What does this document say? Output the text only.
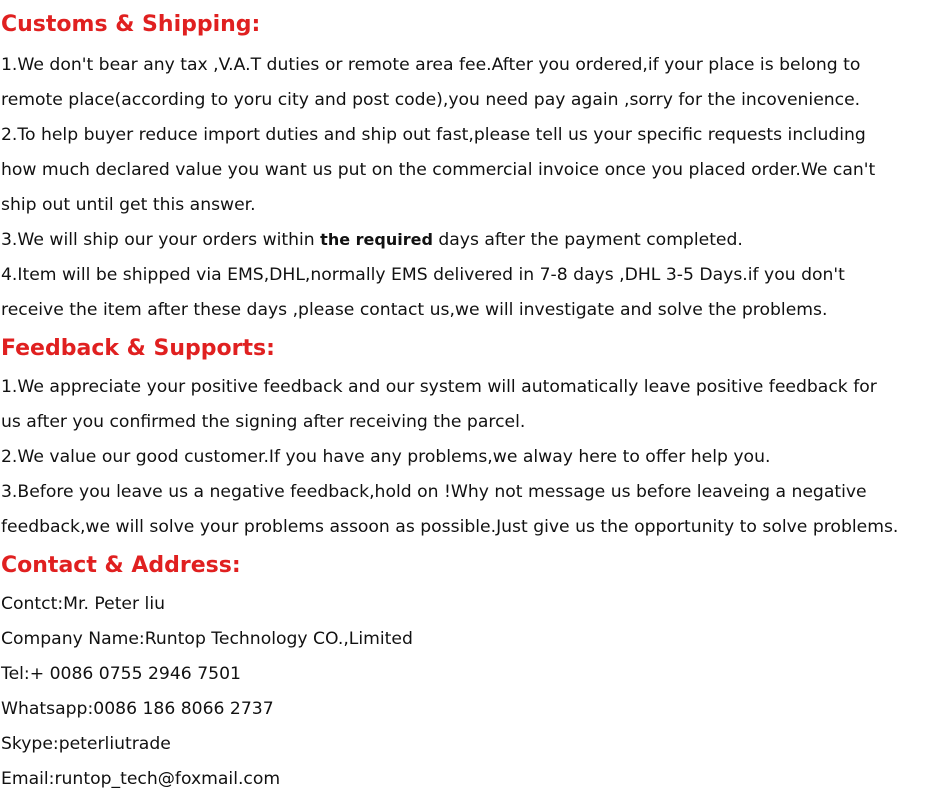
Customs & Shipping:

1.We don't bear any tax ,V.A.T duties or remote area fee.After you ordered,if your place is belong to

remote place(according to yoru city and post code),you need pay again ,sorry for the incovenience.

2.To help buyer reduce import duties and ship out fast,please tell us your specific requests including

how much declared value you want us put on the commercial invoice once you placed order.We can't

ship out until get this answer.

3.We will ship our your orders within the required days after the payment completed.

4.Item will be shipped via EMS,DHL,normally EMS delivered in 7-8 days ,DHL 3-5 Days.if you don't

receive the item after these days ,please contact us,we will investigate and solve the problems.

Feedback & Supports:

1.We appreciate your positive feedback and our system will automatically leave positive feedback for

us after you confirmed the signing after receiving the parcel.

2.We value our good customer.If you have any problems,we alway here to offer help you.

3.Before you leave us a negative feedback,hold on !Why not message us before leaveing a negative

feedback,we will solve your problems assoon as possible.Just give us the opportunity to solve problems.

Contact & Address:

Contct:Mr. Peter liu

Company Name:Runtop Technology CO.,Limited

Tel:+ 0086 0755 2946 7501

Whatsapp:0086 186 8066 2737

Skype:peterliutrade

Email:runtop_tech@foxmail.com
